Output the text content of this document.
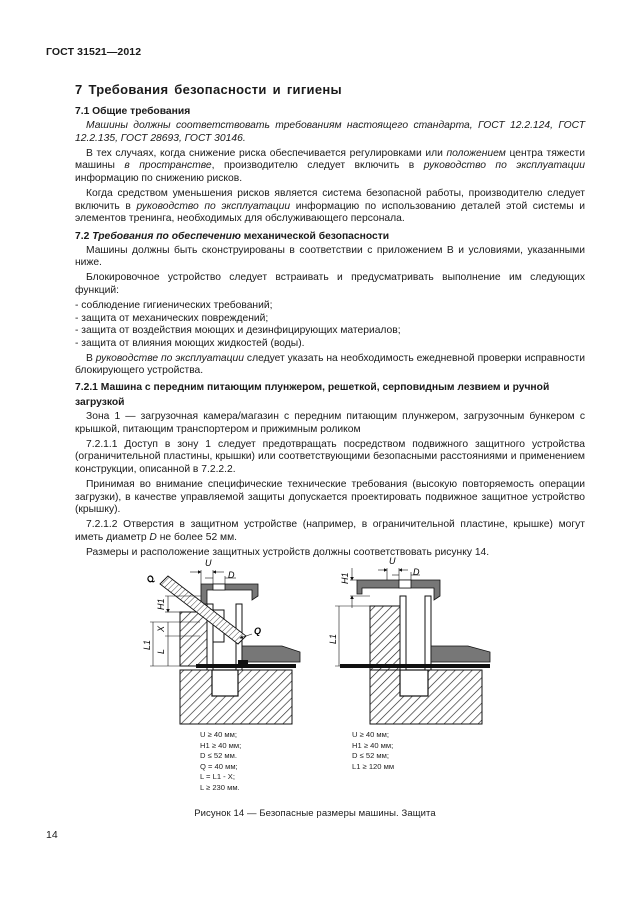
ГОСТ 31521—2012
7 Требования безопасности и гигиены
7.1 Общие требования
Машины должны соответствовать требованиям настоящего стандарта, ГОСТ 12.2.124, ГОСТ 12.2.135, ГОСТ 28693, ГОСТ 30146.
В тех случаях, когда снижение риска обеспечивается регулировками или положением центра тяжести машины в пространстве, производителю следует включить в руководство по эксплуатации информацию по снижению рисков.
Когда средством уменьшения рисков является система безопасной работы, производителю следует включить в руководство по эксплуатации информацию по использованию деталей этой системы и элементов тренинга, необходимых для обслуживающего персонала.
7.2 Требования по обеспечению механической безопасности
Машины должны быть сконструированы в соответствии с приложением В и условиями, указанными ниже.
Блокировочное устройство следует встраивать и предусматривать выполнение им следующих функций:
- соблюдение гигиенических требований;
- защита от механических повреждений;
- защита от воздействия моющих и дезинфицирующих материалов;
- защита от влияния моющих жидкостей (воды).
В руководстве по эксплуатации следует указать на необходимость ежедневной проверки исправности блокирующего устройства.
7.2.1 Машина с передним питающим плунжером, решеткой, серповидным лезвием и ручной загрузкой
Зона 1 — загрузочная камера/магазин с передним питающим плунжером, загрузочным бункером с крышкой, питающим транспортером и прижимным роликом
7.2.1.1 Доступ в зону 1 следует предотвращать посредством подвижного защитного устройства (ограничительной пластины, крышки) или соответствующими безопасными расстояниями и применением конструкции, описанной в 7.2.2.2.
Принимая во внимание специфические технические требования (высокую повторяемость операции загрузки), в качестве управляемой защиты допускается проектировать подвижное защитное устройство (крышку).
7.2.1.2 Отверстия в защитном устройстве (например, в ограничительной пластине, крышке) могут иметь диаметр D не более 52 мм.
Размеры и расположение защитных устройств должны соответствовать рисунку 14.
U
D
Q
Q
H1
X
L1
L
U
D
H1
L1
U ≥ 40 мм;
H1 ≥ 40 мм;
D ≤ 52 мм.
Q = 40 мм;
L = L1 - X;
L ≥ 230 мм.
U ≥ 40 мм;
H1 ≥ 40 мм;
D ≤ 52 мм;
L1 ≥ 120 мм
Рисунок 14 — Безопасные размеры машины. Защита
14
